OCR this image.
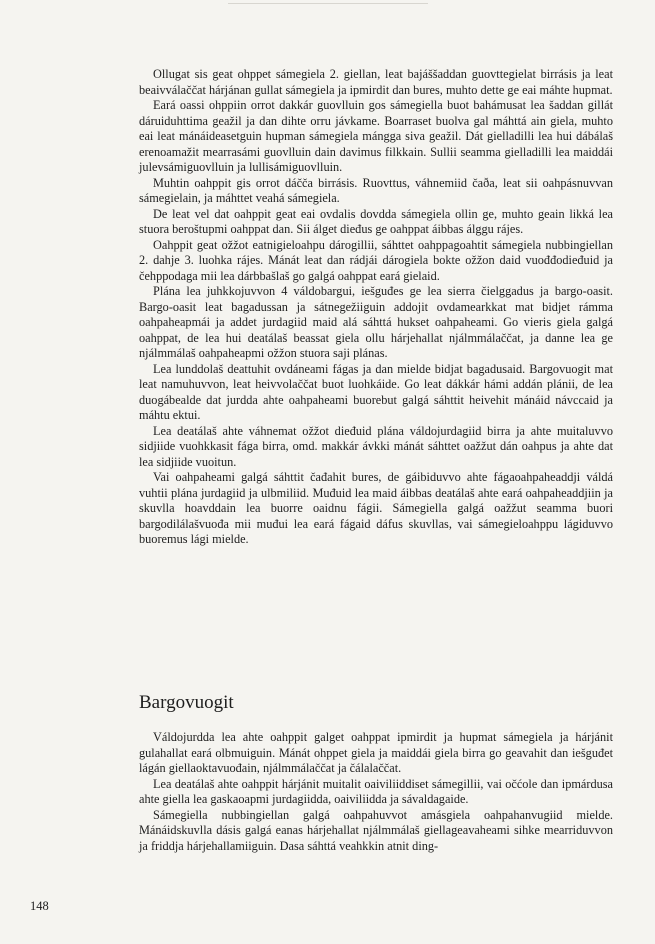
Ollugat sis geat ohppet sámegiela 2. giellan, leat bajáššaddan guovttegielat birrásis ja leat beaivválaččat hárjánan gullat sámegiela ja ipmirdit dan bures, muhto dette ge eai máhte hupmat.

Eará oassi ohppiin orrot dakkár guovlluin gos sámegiella buot bahámusat lea šaddan gillát dáruiduhttima geažil ja dan dihte orru jávkame. Boarraset buolva gal máhttá ain giela, muhto eai leat mánáideasetguin hupman sámegiela mángga siva geažil. Dát gielladilli lea hui dábálaš erenoamažit mearrasámi guovlluin dain davimus filkkain. Sullii seamma gielladilli lea maiddái julevsámiguovlluin ja lullisámiguovlluin.

Muhtin oahppit gis orrot dáčča birrásis. Ruovttus, váhnemiid čaða, leat sii oahpásnuvvan sámegielain, ja máhttet veahá sámegiela.

De leat vel dat oahppit geat eai ovdalis dovdda sámegiela ollin ge, muhto geain likká lea stuora beroštupmi oahppat dan. Sii álget dieđus ge oahppat áibbas álggu rájes.

Oahppit geat ožžot eatnigieloahpu dárogillii, sáhttet oahppagoahtit sámegiela nubbingiellan 2. dahje 3. luohka rájes. Mánát leat dan rádjái dárogiela bokte ožžon daid vuođđodieđuid ja čehppodaga mii lea dárbbašlaš go galgá oahppat eará gielaid.

Plána lea juhkkojuvvon 4 váldobargui, iešguđes ge lea sierra čielggadus ja bargo-oasit. Bargo-oasit leat bagadussan ja sátnegežiiguin addojit ovdamearkkat mat bidjet rámma oahpaheapmái ja addet jurdagiid maid alá sáhttá hukset oahpaheami. Go vieris giela galgá oahppat, de lea hui deatálaš beassat giela ollu hárjehallat njálmmálaččat, ja danne lea ge njálmmálaš oahpaheapmi ožžon stuora saji plánas.

Lea lunddolaš deattuhit ovdáneami fágas ja dan mielde bidjat bagadusaid. Bargovuogit mat leat namuhuvvon, leat heivvolaččat buot luohkáide. Go leat dákkár hámi addán plánii, de lea duogábealde dat jurdda ahte oahpaheami buorebut galgá sáhttit heivehit mánáid návccaid ja máhtu ektui.

Lea deatálaš ahte váhnemat ožžot dieđuid plána váldojurdagiid birra ja ahte muitaluvvo sidjiide vuohkkasit fága birra, omd. makkár ávkki mánát sáhttet oažžut dán oahpus ja ahte dat lea sidjiide vuoitun.

Vai oahpaheami galgá sáhttit čađahit bures, de gáibiduvvo ahte fágaoahpaheaddji váldá vuhtii plána jurdagiid ja ulbmiliid. Muđuid lea maid áibbas deatálaš ahte eará oahpaheaddjiin ja skuvlla hoavddain lea buorre oaidnu fágii. Sámegiella galgá oažžut seamma buori bargodilálašvuođa mii muđui lea eará fágaid dáfus skuvllas, vai sámegieloahppu lágiduvvo buoremus lági mielde.

Bargovuogit

Váldojurdda lea ahte oahppit galget oahppat ipmirdit ja hupmat sámegiela ja hárjánit gulahallat eará olbmuiguin. Mánát ohppet giela ja maiddái giela birra go geavahit dan iešguđet lágán giellaoktavuođain, njálmmálaččat ja čálalaččat.

Lea deatálaš ahte oahppit hárjánit muitalit oaiviliiddiset sámegillii, vai očćole dan ipmárdusa ahte giella lea gaskaoapmi jurdagiidda, oaiviliidda ja sávaldagaide.

Sámegiella nubbingiellan galgá oahpahuvvot amásgiela oahpahanvugiid mielde. Mánáidskuvlla dásis galgá eanas hárjehallat njálmmálaš giellageavaheami sihke mearriduvvon ja friddja hárjehallamiiguin. Dasa sáhttá veahkkin atnit ding-

148
